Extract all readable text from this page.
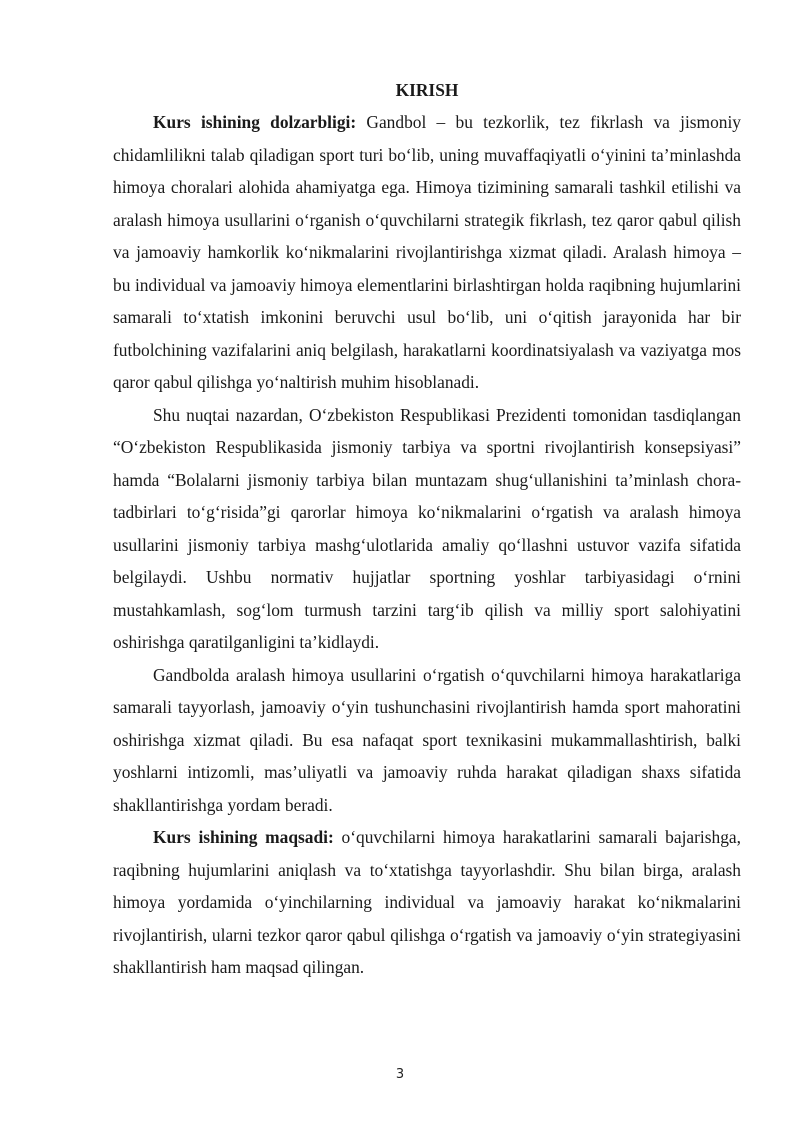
KIRISH

Kurs ishining dolzarbligi: Gandbol – bu tezkorlik, tez fikrlash va jismoniy chidamlilikni talab qiladigan sport turi bo‘lib, uning muvaffaqiyatli o‘yinini ta’minlashda himoya choralari alohida ahamiyatga ega. Himoya tizimining samarali tashkil etilishi va aralash himoya usullarini o‘rganish o‘quvchilarni strategik fikrlash, tez qaror qabul qilish va jamoaviy hamkorlik ko‘nikmalarini rivojlantirishga xizmat qiladi. Aralash himoya – bu individual va jamoaviy himoya elementlarini birlashtirgan holda raqibning hujumlarini samarali to‘xtatish imkonini beruvchi usul bo‘lib, uni o‘qitish jarayonida har bir futbolchining vazifalarini aniq belgilash, harakatlarni koordinatsiyalash va vaziyatga mos qaror qabul qilishga yo‘naltirish muhim hisoblanadi.

Shu nuqtai nazardan, O‘zbekiston Respublikasi Prezidenti tomonidan tasdiqlangan “O‘zbekiston Respublikasida jismoniy tarbiya va sportni rivojlantirish konsepsiyasi” hamda “Bolalarni jismoniy tarbiya bilan muntazam shug‘ullanishini ta’minlash chora-tadbirlari to‘g‘risida”gi qarorlar himoya ko‘nikmalarini o‘rgatish va aralash himoya usullarini jismoniy tarbiya mashg‘ulotlarida amaliy qo‘llashni ustuvor vazifa sifatida belgilaydi. Ushbu normativ hujjatlar sportning yoshlar tarbiyasidagi o‘rnini mustahkamlash, sog‘lom turmush tarzini targ‘ib qilish va milliy sport salohiyatini oshirishga qaratilganligini ta’kidlaydi.

Gandbolda aralash himoya usullarini o‘rgatish o‘quvchilarni himoya harakatlariga samarali tayyorlash, jamoaviy o‘yin tushunchasini rivojlantirish hamda sport mahoratini oshirishga xizmat qiladi. Bu esa nafaqat sport texnikasini mukammallashtirish, balki yoshlarni intizomli, mas’uliyatli va jamoaviy ruhda harakat qiladigan shaxs sifatida shakllantirishga yordam beradi.

Kurs ishining maqsadi: o‘quvchilarni himoya harakatlarini samarali bajarishga, raqibning hujumlarini aniqlash va to‘xtatishga tayyorlashdir. Shu bilan birga, aralash himoya yordamida o‘yinchilarning individual va jamoaviy harakat ko‘nikmalarini rivojlantirish, ularni tezkor qaror qabul qilishga o‘rgatish va jamoaviy o‘yin strategiyasini shakllantirish ham maqsad qilingan.

3
